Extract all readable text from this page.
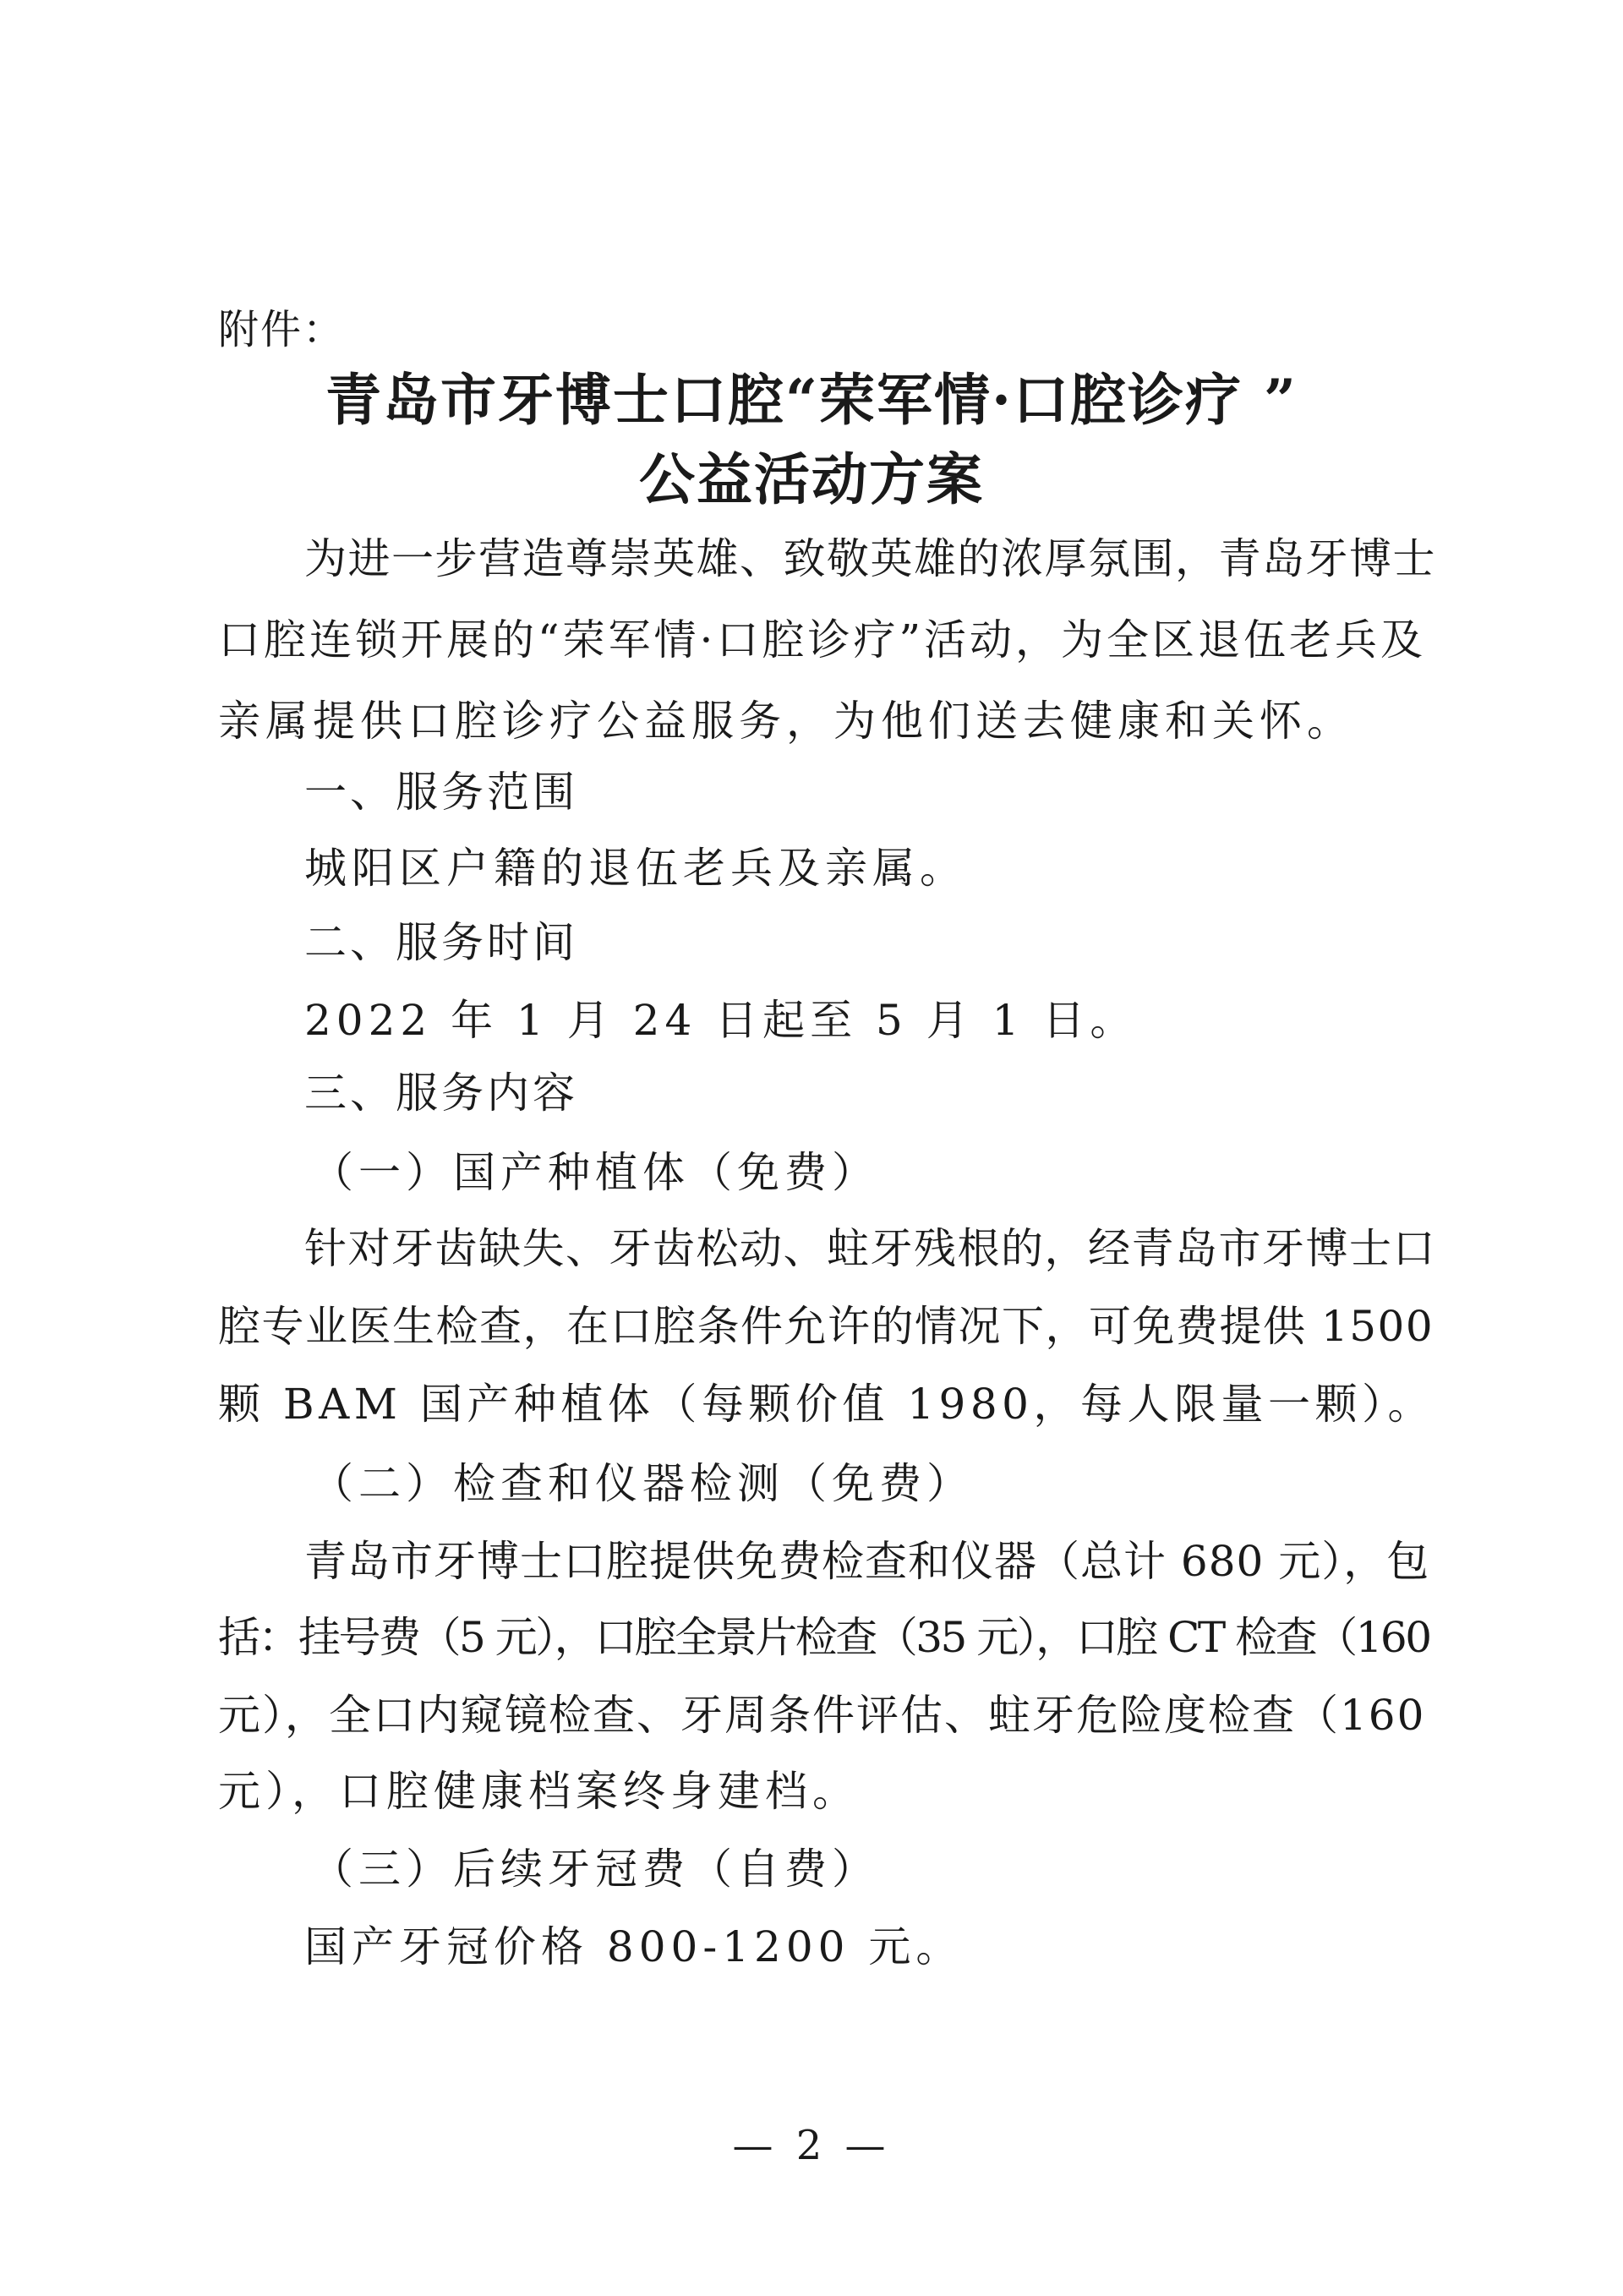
附件：
青岛市牙博士口腔“荣军情·口腔诊疗 ”
公益活动方案
为进一步营造尊崇英雄、致敬英雄的浓厚氛围，青岛牙博士
口腔连锁开展的“荣军情·口腔诊疗”活动，为全区退伍老兵及
亲属提供口腔诊疗公益服务，为他们送去健康和关怀。
一、服务范围
城阳区户籍的退伍老兵及亲属。
二、服务时间
2022 年 1 月 24 日起至 5 月 1 日。
三、服务内容
（一）国产种植体（免费）
针对牙齿缺失、牙齿松动、蛀牙残根的，经青岛市牙博士口
腔专业医生检查，在口腔条件允许的情况下，可免费提供 1500
颗 BAM 国产种植体（每颗价值 1980，每人限量一颗）。
（二）检查和仪器检测（免费）
青岛市牙博士口腔提供免费检查和仪器（总计 680 元），包
括：挂号费（5 元），口腔全景片检查（35 元），口腔 CT 检查（160
元），全口内窥镜检查、牙周条件评估、蛀牙危险度检查（160
元），口腔健康档案终身建档。
（三）后续牙冠费（自费）
国产牙冠价格 800-1200 元。
— 2 —
